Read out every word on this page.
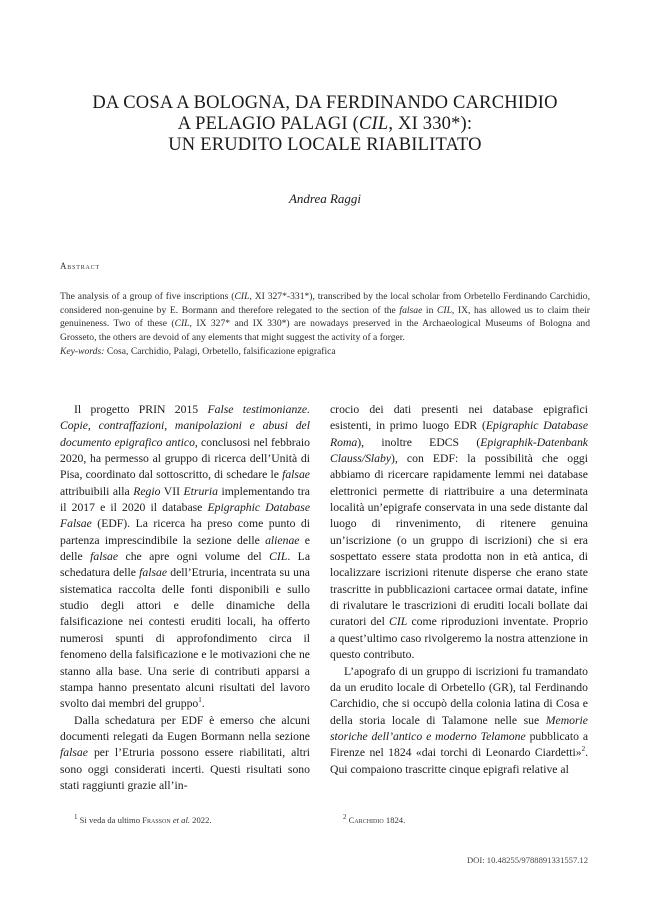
DA COSA A BOLOGNA, DA FERDINANDO CARCHIDIO
A PELAGIO PALAGI (CIL, XI 330*):
UN ERUDITO LOCALE RIABILITATO
Andrea Raggi
Abstract

The analysis of a group of five inscriptions (CIL, XI 327*-331*), transcribed by the local scholar from Orbetello Ferdinando Carchidio, considered non-genuine by E. Bormann and therefore relegated to the section of the falsae in CIL, IX, has allowed us to claim their genuineness. Two of these (CIL, IX 327* and IX 330*) are nowadays preserved in the Archaeological Museums of Bologna and Grosseto, the others are devoid of any elements that might suggest the activity of a forger.

Key-words: Cosa, Carchidio, Palagi, Orbetello, falsificazione epigrafica

Il progetto PRIN 2015 False testimonianze. Copie, contraffazioni, manipolazioni e abusi del documento epigrafico antico, conclusosi nel febbraio 2020, ha permesso al gruppo di ricerca dell’Unità di Pisa, coordinato dal sottoscritto, di schedare le falsae attribuibili alla Regio VII Etruria implementando tra il 2017 e il 2020 il database Epigraphic Database Falsae (EDF). La ricerca ha preso come punto di partenza imprescindibile la sezione delle alienae e delle falsae che apre ogni volume del CIL. La schedatura delle falsae dell’Etruria, incentrata su una sistematica raccolta delle fonti disponibili e sullo studio degli attori e delle dinamiche della falsificazione nei contesti eruditi locali, ha offerto numerosi spunti di approfondimento circa il fenomeno della falsificazione e le motivazioni che ne stanno alla base. Una serie di contributi apparsi a stampa hanno presentato alcuni risultati del lavoro svolto dai membri del gruppo$^1$.

Dalla schedatura per EDF è emerso che alcuni documenti relegati da Eugen Bormann nella sezione falsae per l’Etruria possono essere riabilitati, altri sono oggi considerati incerti. Questi risultati sono stati raggiunti grazie all’in-

crocio dei dati presenti nei database epigrafici esistenti, in primo luogo EDR (Epigraphic Database Roma), inoltre EDCS (Epigraphik-Datenbank Clauss/Slaby), con EDF: la possibilità che oggi abbiamo di ricercare rapidamente lemmi nei database elettronici permette di riattribuire a una determinata località un’epigrafe conservata in una sede distante dal luogo di rinvenimento, di ritenere genuina un’iscrizione (o un gruppo di iscrizioni) che si era sospettato essere stata prodotta non in età antica, di localizzare iscrizioni ritenute disperse che erano state trascritte in pubblicazioni cartacee ormai datate, infine di rivalutare le trascrizioni di eruditi locali bollate dai curatori del CIL come riproduzioni inventate. Proprio a quest’ultimo caso rivolgeremo la nostra attenzione in questo contributo.

L’apografo di un gruppo di iscrizioni fu tramandato da un erudito locale di Orbetello (GR), tal Ferdinando Carchidio, che si occupò della colonia latina di Cosa e della storia locale di Talamone nelle sue Memorie storiche dell’antico e moderno Telamone pubblicato a Firenze nel 1824 «dai torchi di Leonardo Ciardetti»$^2$. Qui compaiono trascritte cinque epigrafi relative al

$^1$ Si veda da ultimo Frasson et al. 2022.	$^2$ Carchidio 1824.
DOI: 10.48255/9788891331557.12
